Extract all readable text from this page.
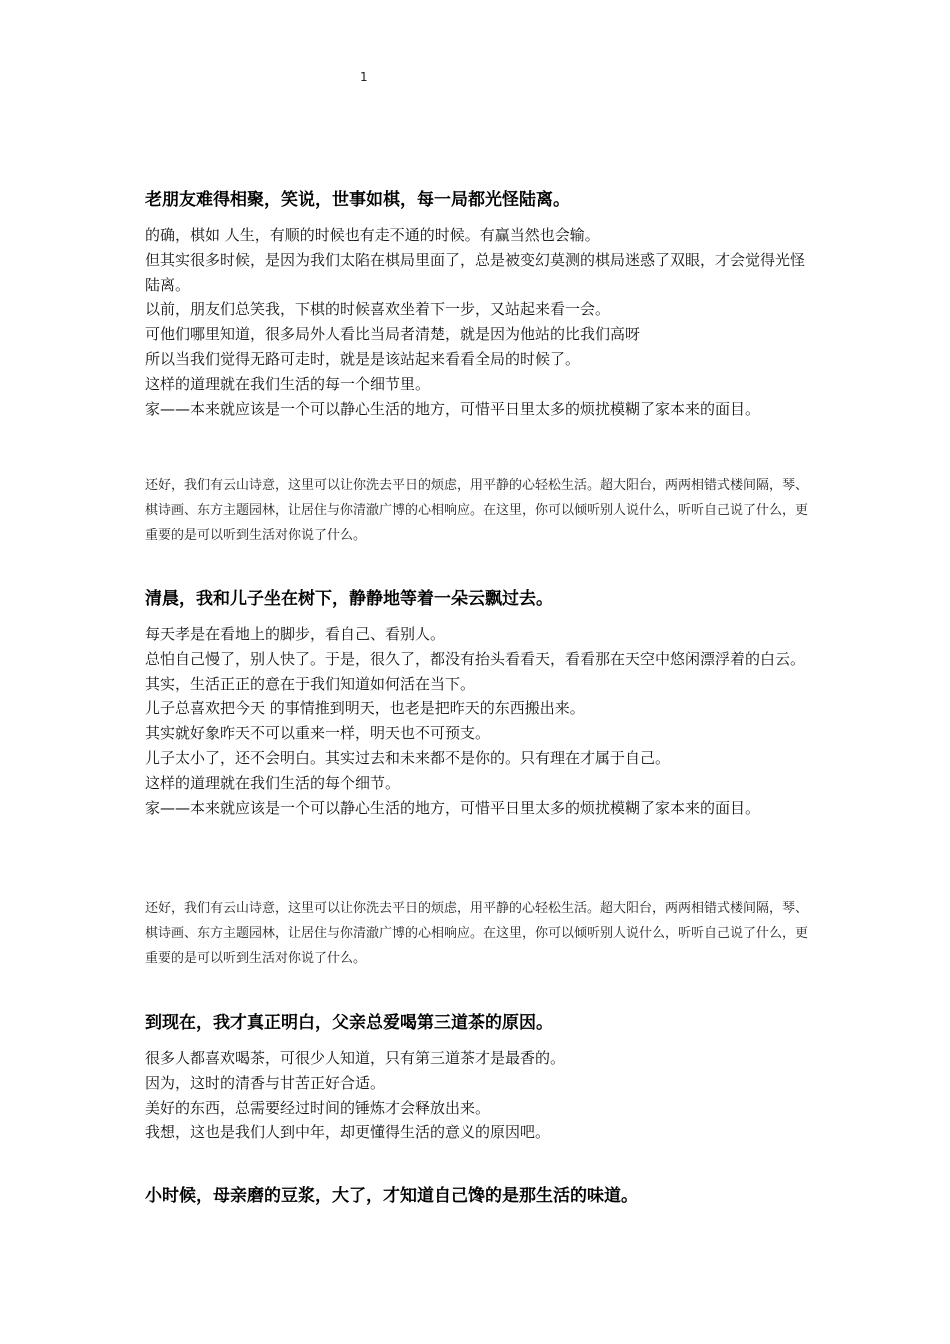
1
老朋友难得相聚，笑说，世事如棋，每一局都光怪陆离。

的确，棋如 人生，有顺的时候也有走不通的时候。有赢当然也会输。

但其实很多时候，是因为我们太陷在棋局里面了，总是被变幻莫测的棋局迷惑了双眼，才会觉得光怪陆离。

以前，朋友们总笑我，下棋的时候喜欢坐着下一步，又站起来看一会。

可他们哪里知道，很多局外人看比当局者清楚，就是因为他站的比我们高呀

所以当我们觉得无路可走时，就是是该站起来看看全局的时候了。

这样的道理就在我们生活的每一个细节里。

家——本来就应该是一个可以静心生活的地方，可惜平日里太多的烦扰模糊了家本来的面目。

还好，我们有云山诗意，这里可以让你洗去平日的烦虑，用平静的心轻松生活。超大阳台，两两相错式楼间隔，琴、棋诗画、东方主题园林，让居住与你清澈广博的心相响应。在这里，你可以倾听别人说什么，听听自己说了什么，更重要的是可以听到生活对你说了什么。

清晨，我和儿子坐在树下，静静地等着一朵云飘过去。

每天孝是在看地上的脚步，看自己、看别人。

总怕自己慢了，别人快了。于是，很久了，都没有抬头看看天，看看那在天空中悠闲漂浮着的白云。

其实，生活正正的意在于我们知道如何活在当下。

儿子总喜欢把今天 的事情推到明天，也老是把昨天的东西搬出来。

其实就好象昨天不可以重来一样，明天也不可预支。

儿子太小了，还不会明白。其实过去和未来都不是你的。只有理在才属于自己。

这样的道理就在我们生活的每个细节。

家——本来就应该是一个可以静心生活的地方，可惜平日里太多的烦扰模糊了家本来的面目。

还好，我们有云山诗意，这里可以让你洗去平日的烦虑，用平静的心轻松生活。超大阳台，两两相错式楼间隔，琴、棋诗画、东方主题园林，让居住与你清澈广博的心相响应。在这里，你可以倾听别人说什么，听听自己说了什么，更重要的是可以听到生活对你说了什么。

到现在，我才真正明白，父亲总爱喝第三道茶的原因。

很多人都喜欢喝茶，可很少人知道，只有第三道茶才是最香的。

因为，这时的清香与甘苦正好合适。

美好的东西，总需要经过时间的锤炼才会释放出来。

我想，这也是我们人到中年，却更懂得生活的意义的原因吧。

小时候，母亲磨的豆浆，大了，才知道自己馋的是那生活的味道。
